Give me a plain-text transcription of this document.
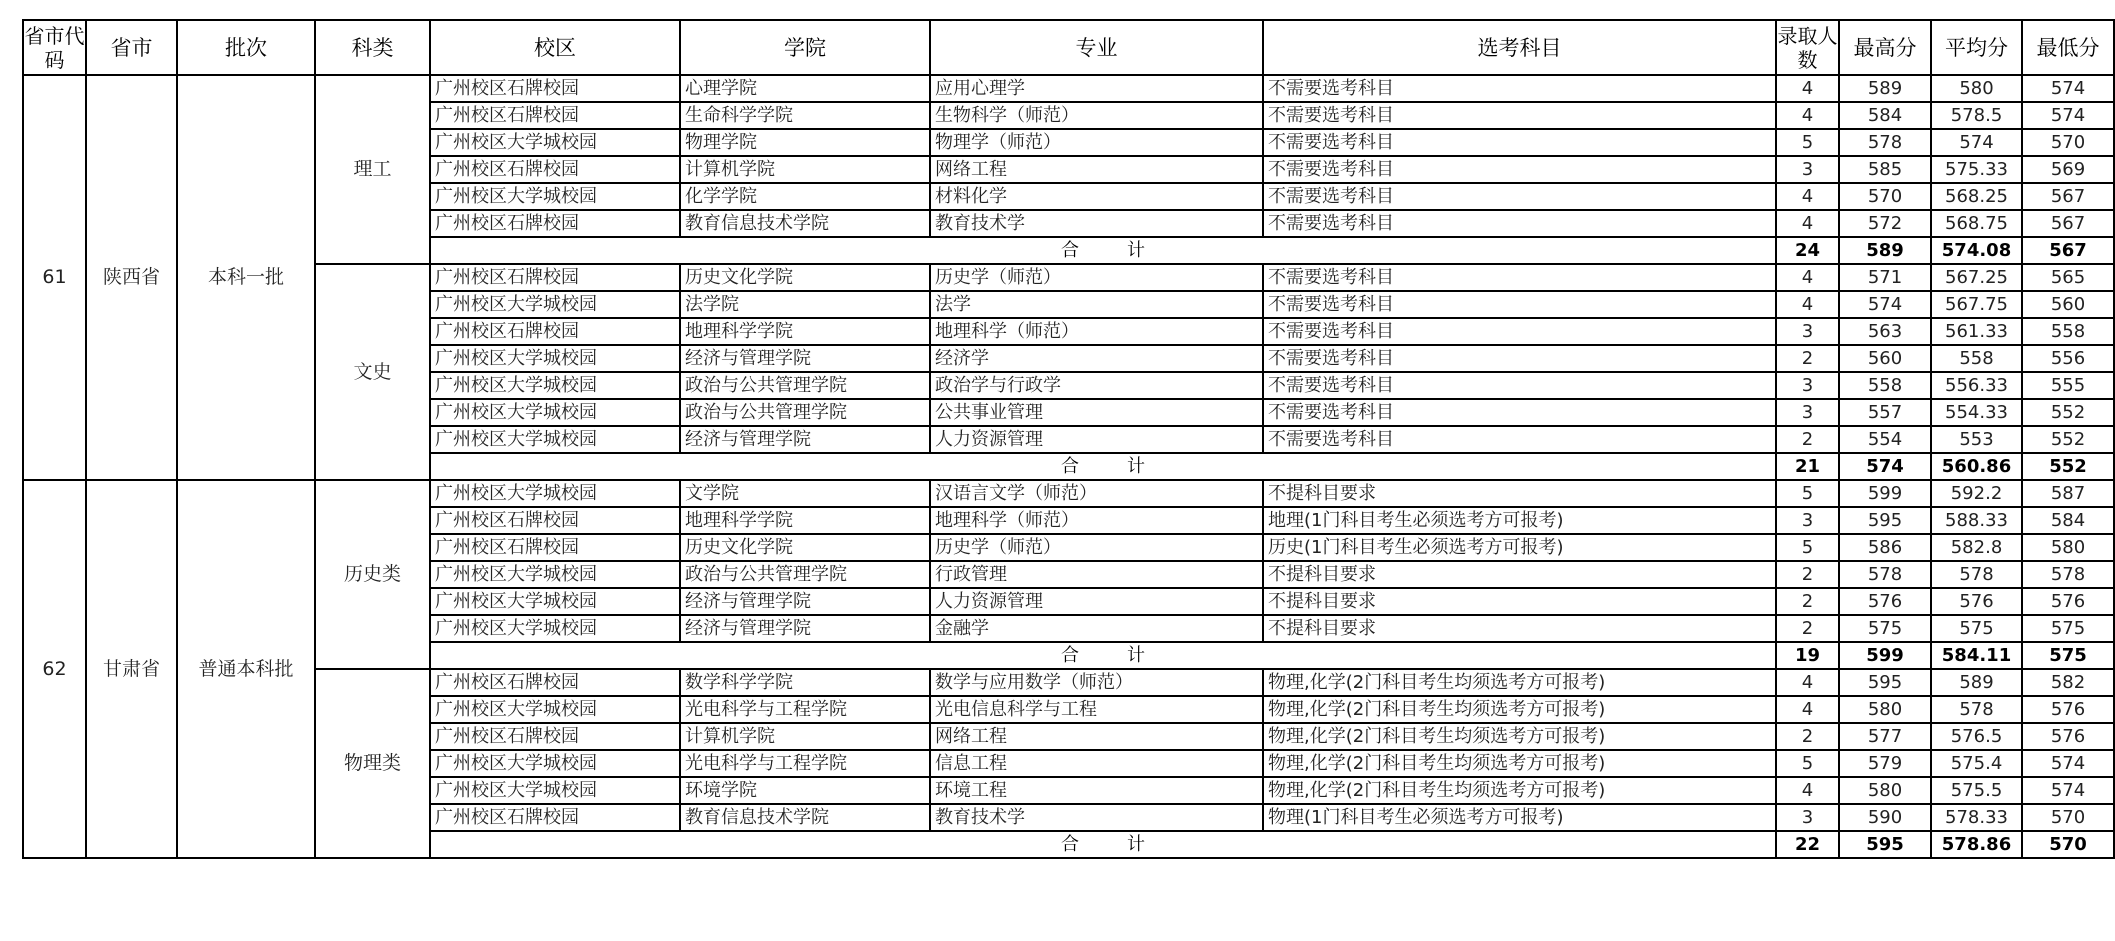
省市代码	省市	批次	科类	校区	学院	专业	选考科目	录取人数	最高分	平均分	最低分
61	陕西省	本科一批	理工	广州校区石牌校园	心理学院	应用心理学	不需要选考科目	4	589	580	574
				广州校区石牌校园	生命科学学院	生物科学（师范）	不需要选考科目	4	584	578.5	574
				广州校区大学城校园	物理学院	物理学（师范）	不需要选考科目	5	578	574	570
				广州校区石牌校园	计算机学院	网络工程	不需要选考科目	3	585	575.33	569
				广州校区大学城校园	化学学院	材料化学	不需要选考科目	4	570	568.25	567
				广州校区石牌校园	教育信息技术学院	教育技术学	不需要选考科目	4	572	568.75	567
				合 计				24	589	574.08	567
			文史	广州校区石牌校园	历史文化学院	历史学（师范）	不需要选考科目	4	571	567.25	565
				广州校区大学城校园	法学院	法学	不需要选考科目	4	574	567.75	560
				广州校区石牌校园	地理科学学院	地理科学（师范）	不需要选考科目	3	563	561.33	558
				广州校区大学城校园	经济与管理学院	经济学	不需要选考科目	2	560	558	556
				广州校区大学城校园	政治与公共管理学院	政治学与行政学	不需要选考科目	3	558	556.33	555
				广州校区大学城校园	政治与公共管理学院	公共事业管理	不需要选考科目	3	557	554.33	552
				广州校区大学城校园	经济与管理学院	人力资源管理	不需要选考科目	2	554	553	552
				合 计				21	574	560.86	552
62	甘肃省	普通本科批	历史类	广州校区大学城校园	文学院	汉语言文学（师范）	不提科目要求	5	599	592.2	587
				广州校区石牌校园	地理科学学院	地理科学（师范）	地理(1门科目考生必须选考方可报考)	3	595	588.33	584
				广州校区石牌校园	历史文化学院	历史学（师范）	历史(1门科目考生必须选考方可报考)	5	586	582.8	580
				广州校区大学城校园	政治与公共管理学院	行政管理	不提科目要求	2	578	578	578
				广州校区大学城校园	经济与管理学院	人力资源管理	不提科目要求	2	576	576	576
				广州校区大学城校园	经济与管理学院	金融学	不提科目要求	2	575	575	575
				合 计				19	599	584.11	575
			物理类	广州校区石牌校园	数学科学学院	数学与应用数学（师范）	物理,化学(2门科目考生均须选考方可报考)	4	595	589	582
				广州校区大学城校园	光电科学与工程学院	光电信息科学与工程	物理,化学(2门科目考生均须选考方可报考)	4	580	578	576
				广州校区石牌校园	计算机学院	网络工程	物理,化学(2门科目考生均须选考方可报考)	2	577	576.5	576
				广州校区大学城校园	光电科学与工程学院	信息工程	物理,化学(2门科目考生均须选考方可报考)	5	579	575.4	574
				广州校区大学城校园	环境学院	环境工程	物理,化学(2门科目考生均须选考方可报考)	4	580	575.5	574
				广州校区石牌校园	教育信息技术学院	教育技术学	物理(1门科目考生必须选考方可报考)	3	590	578.33	570
				合 计				22	595	578.86	570
